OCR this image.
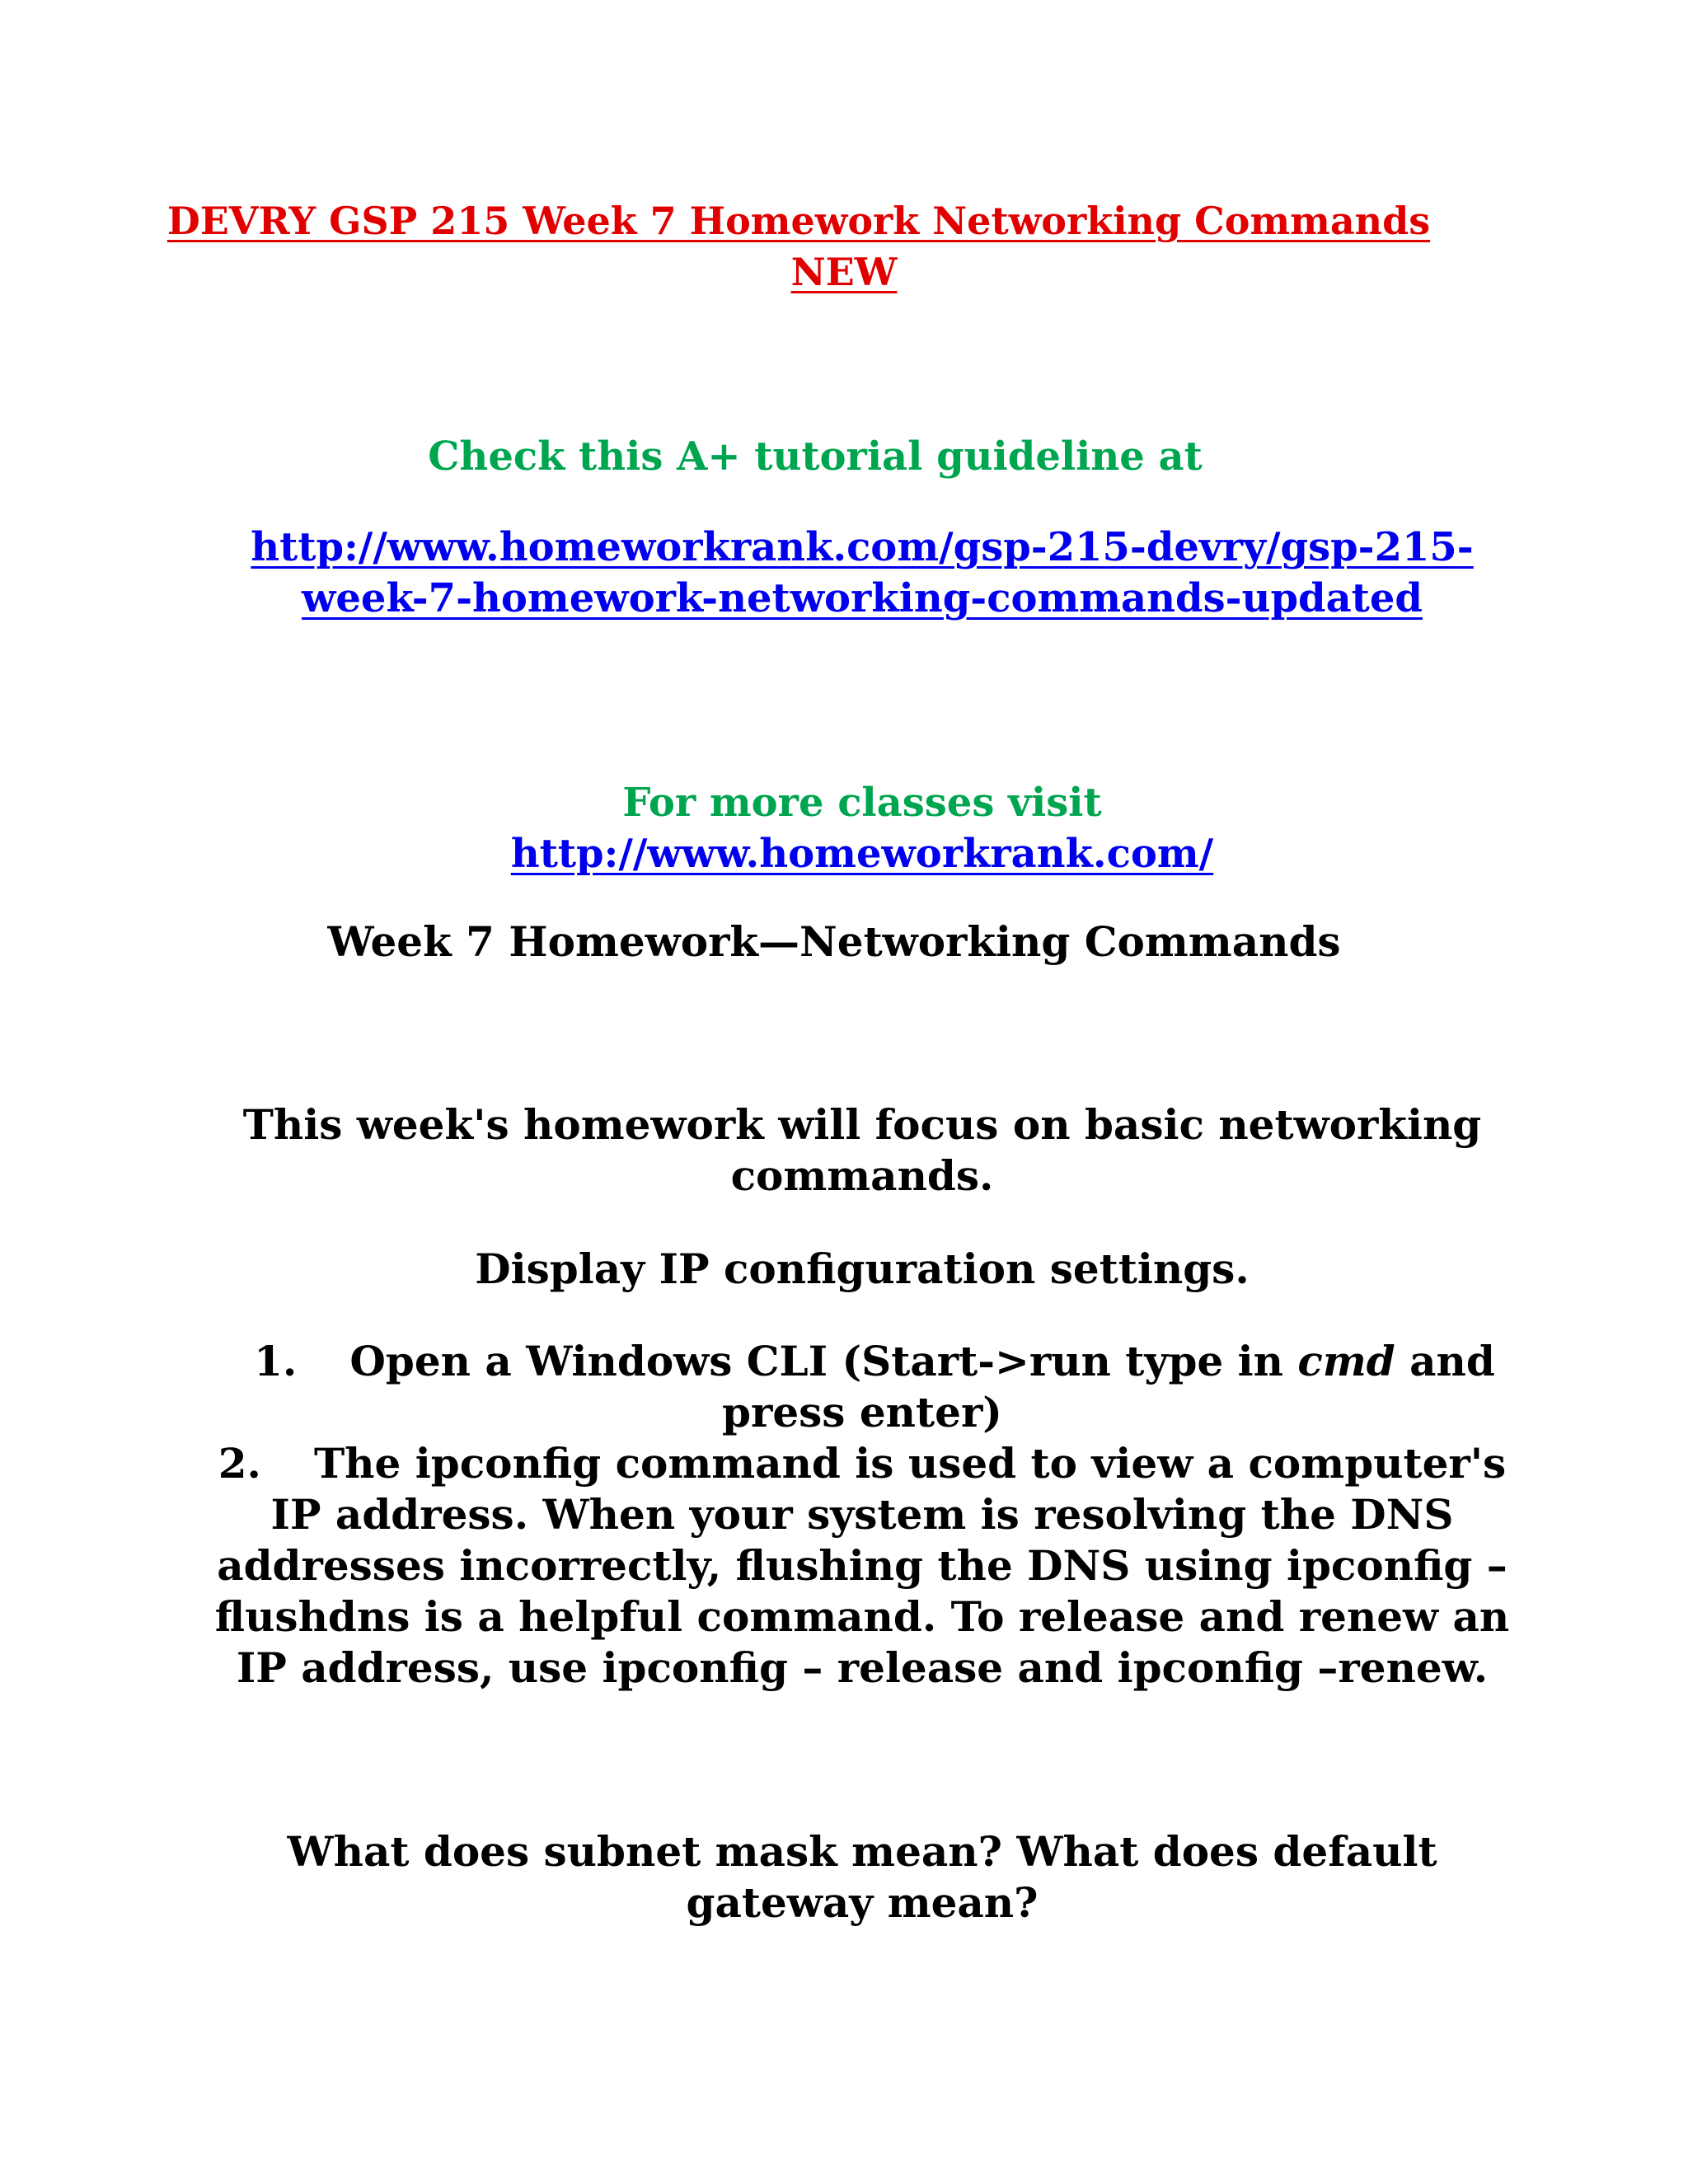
DEVRY GSP 215 Week 7 Homework Networking Commands
NEW
Check this A+ tutorial guideline at
http://www.homeworkrank.com/gsp-215-devry/gsp-215-
week-7-homework-networking-commands-updated
For more classes visit
http://www.homeworkrank.com/
Week 7 Homework—Networking Commands
This week's homework will focus on basic networking
commands.
Display IP configuration settings.
1. Open a Windows CLI (Start->run type in cmd and
press enter)
2. The ipconfig command is used to view a computer's
IP address. When your system is resolving the DNS
addresses incorrectly, flushing the DNS using ipconfig –
flushdns is a helpful command. To release and renew an
IP address, use ipconfig – release and ipconfig –renew.
What does subnet mask mean? What does default
gateway mean?
